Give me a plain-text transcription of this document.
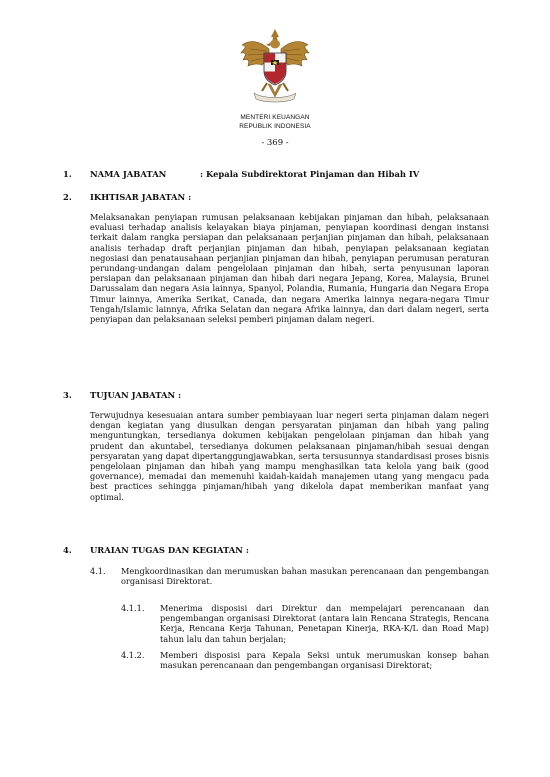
MENTERI KEUANGAN
REPUBLIK INDONESIA
- 369 -
1. NAMA JABATAN	: Kepala Subdirektorat Pinjaman dan Hibah IV
2. IKHTISAR JABATAN :
Melaksanakan penyiapan rumusan pelaksanaan kebijakan pinjaman dan hibah, pelaksanaan evaluasi terhadap analisis kelayakan biaya pinjaman, penyiapan koordinasi dengan instansi terkait dalam rangka persiapan dan pelaksanaan perjanjian pinjaman dan hibah, pelaksanaan analisis terhadap draft perjanjian pinjaman dan hibah, penyiapan pelaksanaan kegiatan negosiasi dan penatausahaan perjanjian pinjaman dan hibah, penyiapan perumusan peraturan perundang-undangan dalam pengelolaan pinjaman dan hibah, serta penyusunan laporan persiapan dan pelaksanaan pinjaman dan hibah dari negara Jepang, Korea, Malaysia, Brunei Darussalam dan negara Asia lainnya, Spanyol, Polandia, Rumania, Hungaria dan Negara Eropa Timur lainnya, Amerika Serikat, Canada, dan negara Amerika lainnya negara-negara Timur Tengah/Islamic lainnya, Afrika Selatan dan negara Afrika lainnya, dan dari dalam negeri, serta penyiapan dan pelaksanaan seleksi pemberi pinjaman dalam negeri.
3. TUJUAN JABATAN :
Terwujudnya kesesuaian antara sumber pembiayaan luar negeri serta pinjaman dalam negeri dengan kegiatan yang diusulkan dengan persyaratan pinjaman dan hibah yang paling menguntungkan, tersedianya dokumen kebijakan pengelolaan pinjaman dan hibah yang prudent dan akuntabel, tersedianya dokumen pelaksanaan pinjaman/hibah sesuai dengan persyaratan yang dapat dipertanggungjawabkan, serta tersusunnya standardisasi proses bisnis pengelolaan pinjaman dan hibah yang mampu menghasilkan tata kelola yang baik (good governance), memadai dan memenuhi kaidah-kaidah manajemen utang yang mengacu pada best practices sehingga pinjaman/hibah yang dikelola dapat memberikan manfaat yang optimal.
4. URAIAN TUGAS DAN KEGIATAN :
4.1. Mengkoordinasikan dan merumuskan bahan masukan perencanaan dan pengembangan organisasi Direktorat.
4.1.1. Menerima disposisi dari Direktur dan mempelajari perencanaan dan pengembangan organisasi Direktorat (antara lain Rencana Strategis, Rencana Kerja, Rencana Kerja Tahunan, Penetapan Kinerja, RKA-K/L dan Road Map) tahun lalu dan tahun berjalan;
4.1.2. Memberi disposisi para Kepala Seksi untuk merumuskan konsep bahan masukan perencanaan dan pengembangan organisasi Direktorat;
